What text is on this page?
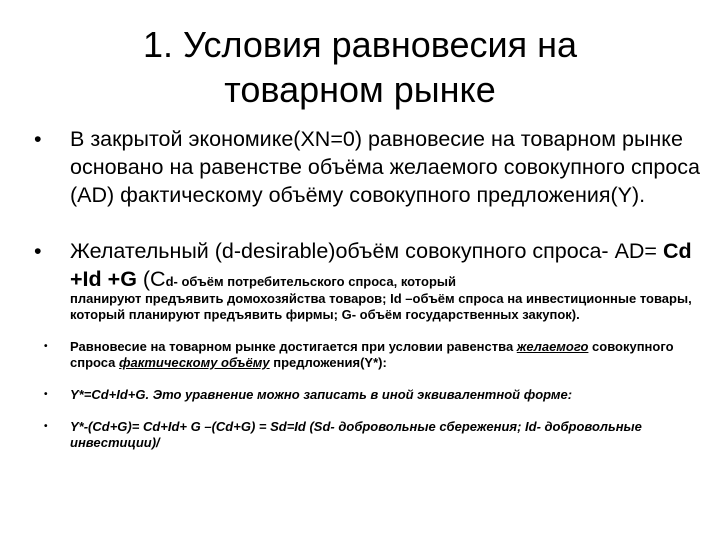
1. Условия равновесия на
товарном рынке
•	В закрытой экономике(XN=0) равновесие на товарном рынке основано на равенстве объёма желаемого совокупного спроса (AD) фактическому объёму совокупного предложения(Y).
•	Желательный (d-desirable)объём совокупного спроса- AD= Cd +Id +G (Cd- объём потребительского спроса, который

планируют предъявить домохозяйства товаров; Id –объём спроса на инвестиционные товары, который планируют предъявить фирмы; G- объём государственных закупок).

•	Равновесие на товарном рынке достигается при условии равенства желаемого совокупного спроса фактическому объёму предложения(Y*):
•	Y*=Cd+Id+G. Это уравнение можно записать в иной эквивалентной форме:
•	Y*-(Cd+G)= Cd+Id+ G –(Cd+G) = Sd=Id (Sd- добровольные сбережения; Id- добровольные инвестиции)/
